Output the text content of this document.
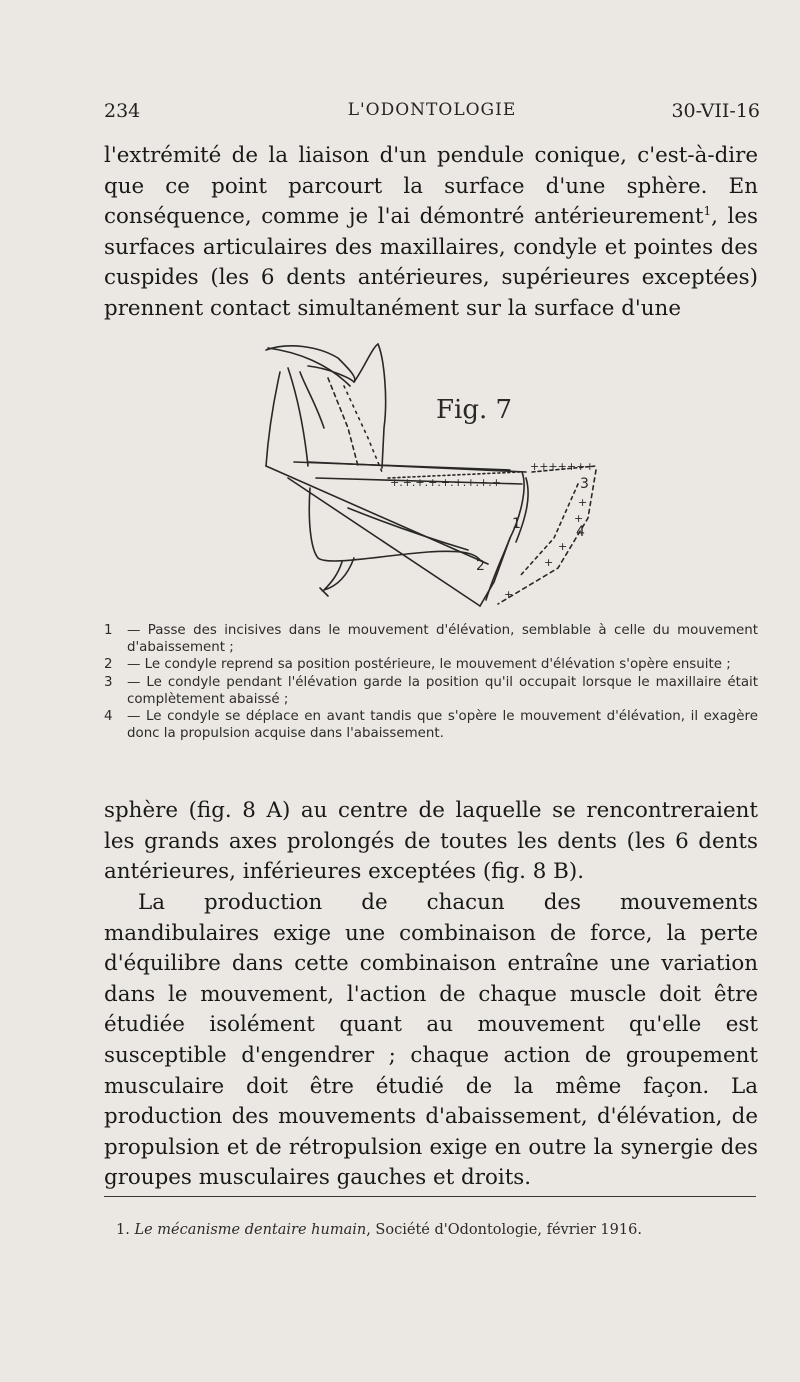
234	L'ODONTOLOGIE	30-VII-16

l'extrémité de la liaison d'un pendule conique, c'est-à-dire que ce point parcourt la surface d'une sphère. En conséquence, comme je l'ai démontré antérieurement$^1$, les surfaces articulaires des maxillaires, condyle et pointes des cuspides (les 6 dents antérieures, supérieures exceptées) prennent contact simultanément sur la surface d'une

+.+.+.+.+.+.+.+.+
+++++++
+
+
+
+
+
1
2
3
4
Fig. 7
1 — Passe des incisives dans le mouvement d'élévation, semblable à celle du mouvement d'abaissement ;
2 — Le condyle reprend sa position postérieure, le mouvement d'élévation s'opère ensuite ;
3 — Le condyle pendant l'élévation garde la position qu'il occupait lorsque le maxillaire était complètement abaissé ;
4 — Le condyle se déplace en avant tandis que s'opère le mouvement d'élévation, il exagère donc la propulsion acquise dans l'abaissement.

sphère (fig. 8 A) au centre de laquelle se rencontreraient les grands axes prolongés de toutes les dents (les 6 dents antérieures, inférieures exceptées (fig. 8 B).

La production de chacun des mouvements mandibulaires exige une combinaison de force, la perte d'équilibre dans cette combinaison entraîne une variation dans le mouvement, l'action de chaque muscle doit être étudiée isolément quant au mouvement qu'elle est susceptible d'engendrer ; chaque action de groupement musculaire doit être étudié de la même façon. La production des mouvements d'abaissement, d'élévation, de propulsion et de rétropulsion exige en outre la synergie des groupes musculaires gauches et droits.

1. Le mécanisme dentaire humain, Société d'Odontologie, février 1916.
